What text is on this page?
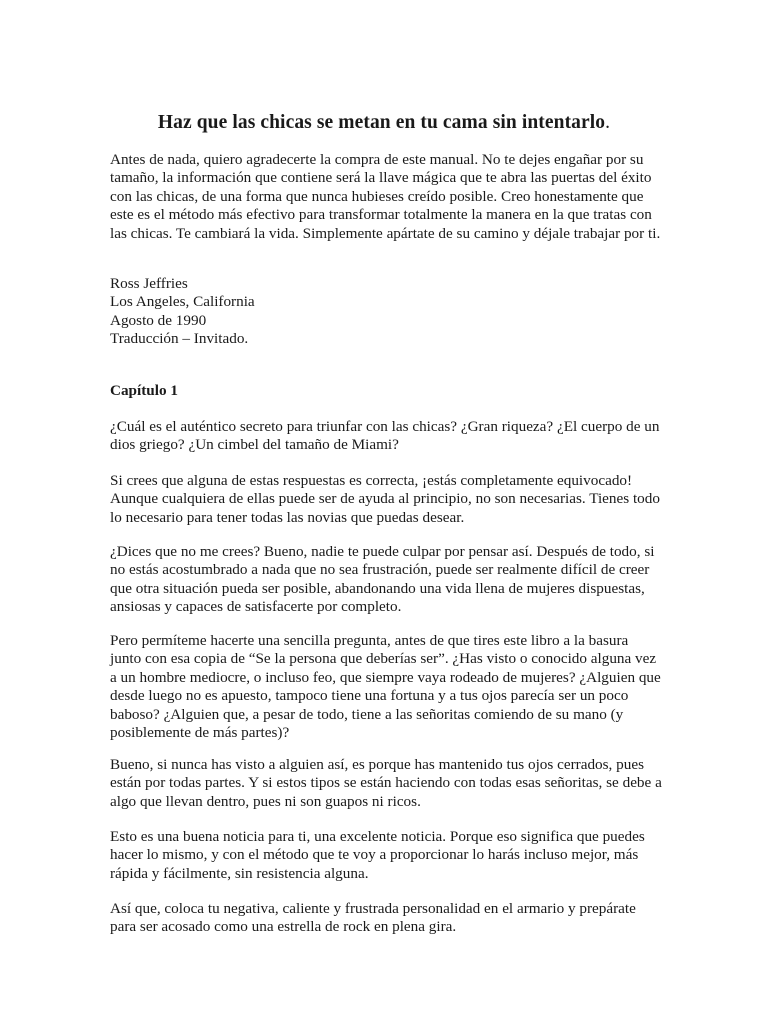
Haz que las chicas se metan en tu cama sin intentarlo.

Antes de nada, quiero agradecerte la compra de este manual. No te dejes engañar por su tamaño, la información que contiene será la llave mágica que te abra las puertas del éxito con las chicas, de una forma que nunca hubieses creído posible. Creo honestamente que este es el método más efectivo para transformar totalmente la manera en la que tratas con las chicas. Te cambiará la vida. Simplemente apártate de su camino y déjale trabajar por ti.

Ross Jeffries
Los Angeles, California
Agosto de 1990
Traducción – Invitado.

Capítulo 1

¿Cuál es el auténtico secreto para triunfar con las chicas? ¿Gran riqueza? ¿El cuerpo de un dios griego? ¿Un cimbel del tamaño de Miami?

Si crees que alguna de estas respuestas es correcta, ¡estás completamente equivocado! Aunque cualquiera de ellas puede ser de ayuda al principio, no son necesarias. Tienes todo lo necesario para tener todas las novias que puedas desear.

¿Dices que no me crees? Bueno, nadie te puede culpar por pensar así. Después de todo, si no estás acostumbrado a nada que no sea frustración, puede ser realmente difícil de creer que otra situación pueda ser posible, abandonando una vida llena de mujeres dispuestas, ansiosas y capaces de satisfacerte por completo.

Pero permíteme hacerte una sencilla pregunta, antes de que tires este libro a la basura junto con esa copia de “Se la persona que deberías ser”. ¿Has visto o conocido alguna vez a un hombre mediocre, o incluso feo, que siempre vaya rodeado de mujeres? ¿Alguien que desde luego no es apuesto, tampoco tiene una fortuna y a tus ojos parecía ser un poco baboso? ¿Alguien que, a pesar de todo, tiene a las señoritas comiendo de su mano (y posiblemente de más partes)?

Bueno, si nunca has visto a alguien así, es porque has mantenido tus ojos cerrados, pues están por todas partes. Y si estos tipos se están haciendo con todas esas señoritas, se debe a algo que llevan dentro, pues ni son guapos ni ricos.

Esto es una buena noticia para ti, una excelente noticia. Porque eso significa que puedes hacer lo mismo, y con el método que te voy a proporcionar lo harás incluso mejor, más rápida y fácilmente, sin resistencia alguna.

Así que, coloca tu negativa, caliente y frustrada personalidad en el armario y prepárate para ser acosado como una estrella de rock en plena gira.
